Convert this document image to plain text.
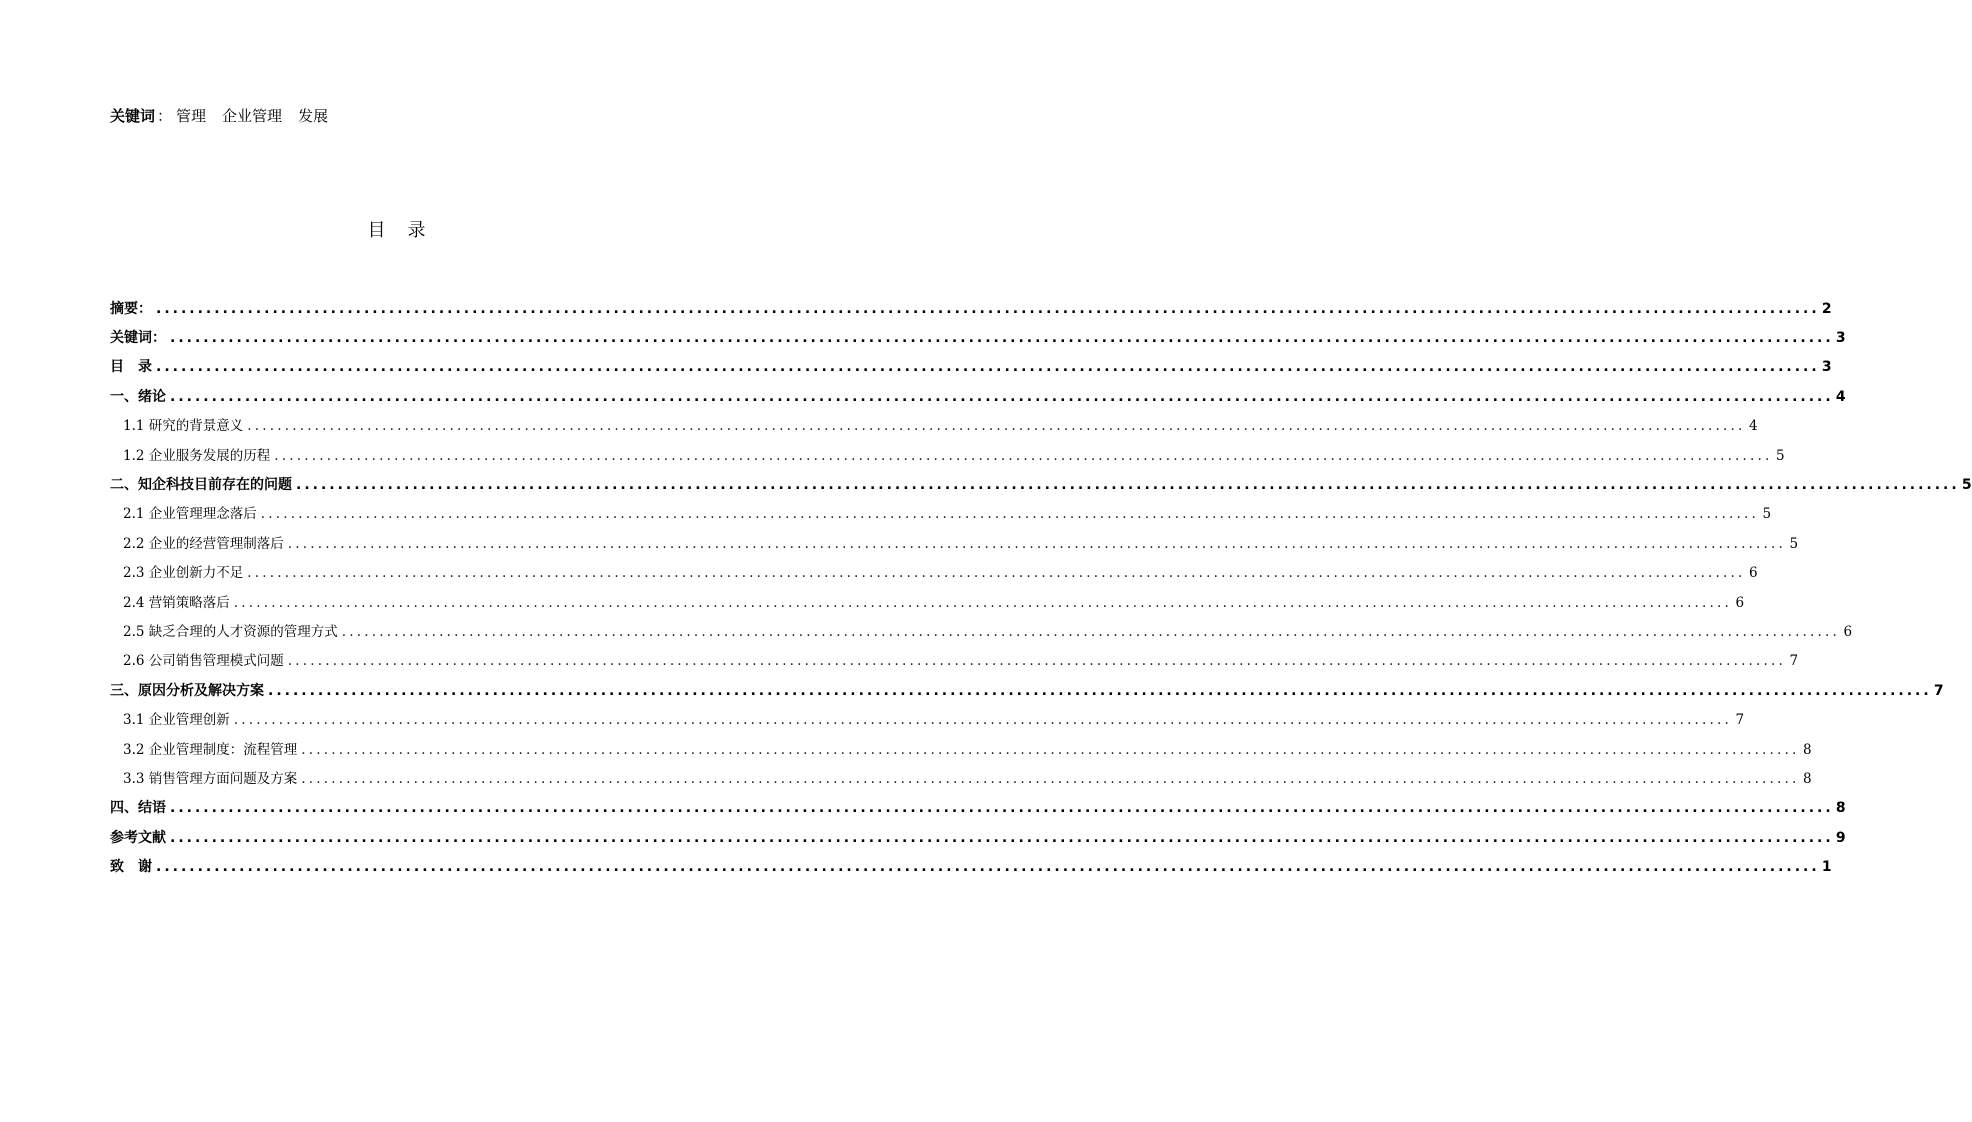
关键词 ： 管理 企业管理 发展
目 录
摘要： ........................................................................................................................................................................................................ 2
关键词： ........................................................................................................................................................................................................ 3
目　录 ........................................................................................................................................................................................................ 3
一、绪论 ........................................................................................................................................................................................................ 4
1.1 研究的背景意义 ........................................................................................................................................................................................................ 4
1.2 企业服务发展的历程 ........................................................................................................................................................................................................ 5
二、知企科技目前存在的问题 ........................................................................................................................................................................................................ 5
2.1 企业管理理念落后 ........................................................................................................................................................................................................ 5
2.2 企业的经营管理制落后 ........................................................................................................................................................................................................ 5
2.3 企业创新力不足 ........................................................................................................................................................................................................ 6
2.4 营销策略落后 ........................................................................................................................................................................................................ 6
2.5 缺乏合理的人才资源的管理方式 ........................................................................................................................................................................................................ 6
2.6 公司销售管理模式问题 ........................................................................................................................................................................................................ 7
三、原因分析及解决方案 ........................................................................................................................................................................................................ 7
3.1 企业管理创新 ........................................................................................................................................................................................................ 7
3.2 企业管理制度：流程管理 ........................................................................................................................................................................................................ 8
3.3 销售管理方面问题及方案 ........................................................................................................................................................................................................ 8
四、结语 ........................................................................................................................................................................................................ 8
参考文献 ........................................................................................................................................................................................................ 9
致　谢 ........................................................................................................................................................................................................ 1
